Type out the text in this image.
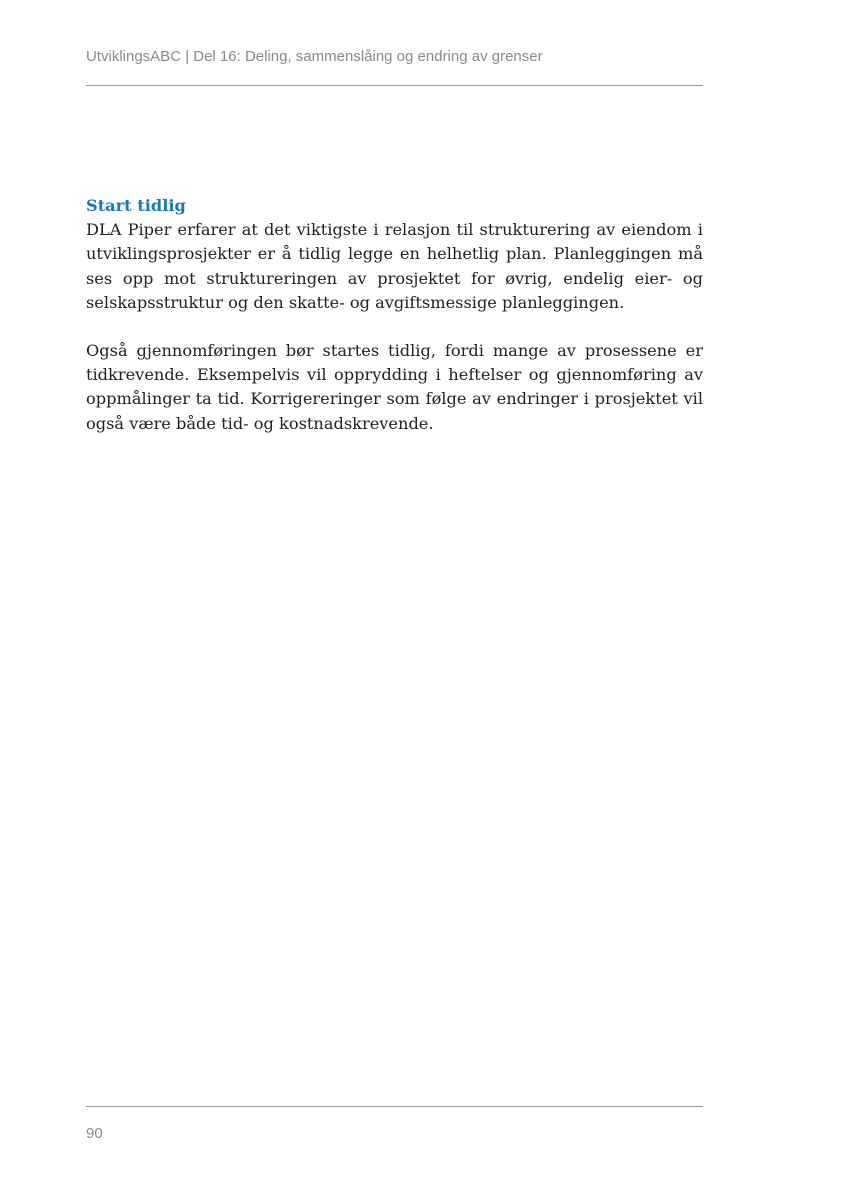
UtviklingsABC | Del 16: Deling, sammenslåing og endring av grenser
Start tidlig

DLA Piper erfarer at det viktigste i relasjon til strukturering av eiendom i utviklingsprosjekter er å tidlig legge en helhetlig plan. Planleggingen må ses opp mot struktureringen av prosjektet for øvrig, endelig eier- og selskapsstruktur og den skatte- og avgiftsmessige planleggingen.

Også gjennomføringen bør startes tidlig, fordi mange av prosessene er tidkrevende. Eksempelvis vil opprydding i heftelser og gjennomføring av oppmålinger ta tid. Korrigereringer som følge av endringer i prosjektet vil også være både tid- og kostnadskrevende.

90
